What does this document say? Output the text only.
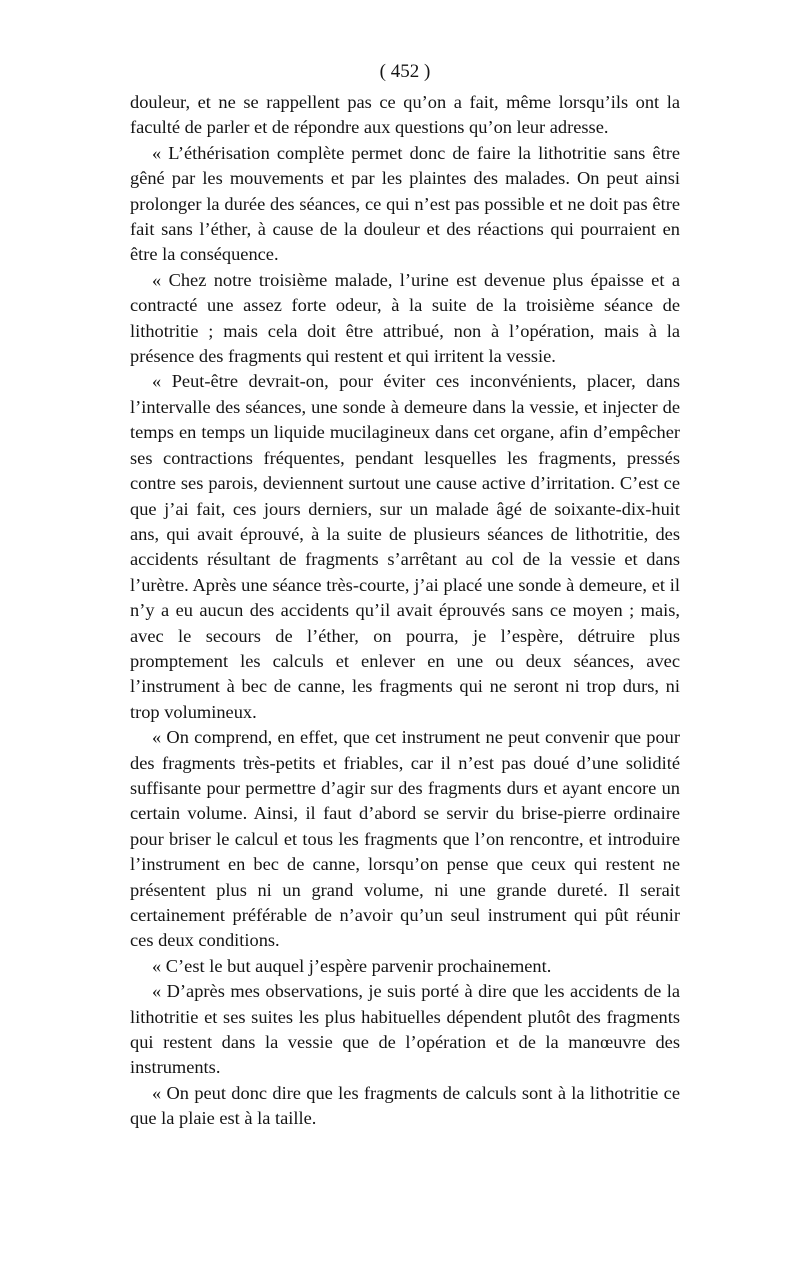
( 452 )

douleur, et ne se rappellent pas ce qu’on a fait, même lorsqu’ils ont la faculté de parler et de répondre aux questions qu’on leur adresse.

« L’éthérisation complète permet donc de faire la lithotritie sans être gêné par les mouvements et par les plaintes des malades. On peut ainsi prolonger la durée des séances, ce qui n’est pas possible et ne doit pas être fait sans l’éther, à cause de la douleur et des réactions qui pourraient en être la conséquence.

« Chez notre troisième malade, l’urine est devenue plus épaisse et a contracté une assez forte odeur, à la suite de la troisième séance de lithotritie ; mais cela doit être attribué, non à l’opération, mais à la présence des fragments qui restent et qui irritent la vessie.

« Peut-être devrait-on, pour éviter ces inconvénients, placer, dans l’intervalle des séances, une sonde à demeure dans la vessie, et injecter de temps en temps un liquide mucilagineux dans cet organe, afin d’empêcher ses contractions fréquentes, pendant lesquelles les fragments, pressés contre ses parois, deviennent surtout une cause active d’irritation. C’est ce que j’ai fait, ces jours derniers, sur un malade âgé de soixante-dix-huit ans, qui avait éprouvé, à la suite de plusieurs séances de lithotritie, des accidents résultant de fragments s’arrêtant au col de la vessie et dans l’urètre. Après une séance très-courte, j’ai placé une sonde à demeure, et il n’y a eu aucun des accidents qu’il avait éprouvés sans ce moyen ; mais, avec le secours de l’éther, on pourra, je l’espère, détruire plus promptement les calculs et enlever en une ou deux séances, avec l’instrument à bec de canne, les fragments qui ne seront ni trop durs, ni trop volumineux.

« On comprend, en effet, que cet instrument ne peut convenir que pour des fragments très-petits et friables, car il n’est pas doué d’une solidité suffisante pour permettre d’agir sur des fragments durs et ayant encore un certain volume. Ainsi, il faut d’abord se servir du brise-pierre ordinaire pour briser le calcul et tous les fragments que l’on rencontre, et introduire l’instrument en bec de canne, lorsqu’on pense que ceux qui restent ne présentent plus ni un grand volume, ni une grande dureté. Il serait certainement préférable de n’avoir qu’un seul instrument qui pût réunir ces deux conditions.

« C’est le but auquel j’espère parvenir prochainement.

« D’après mes observations, je suis porté à dire que les accidents de la lithotritie et ses suites les plus habituelles dépendent plutôt des fragments qui restent dans la vessie que de l’opération et de la manœuvre des instruments.

« On peut donc dire que les fragments de calculs sont à la lithotritie ce que la plaie est à la taille.
